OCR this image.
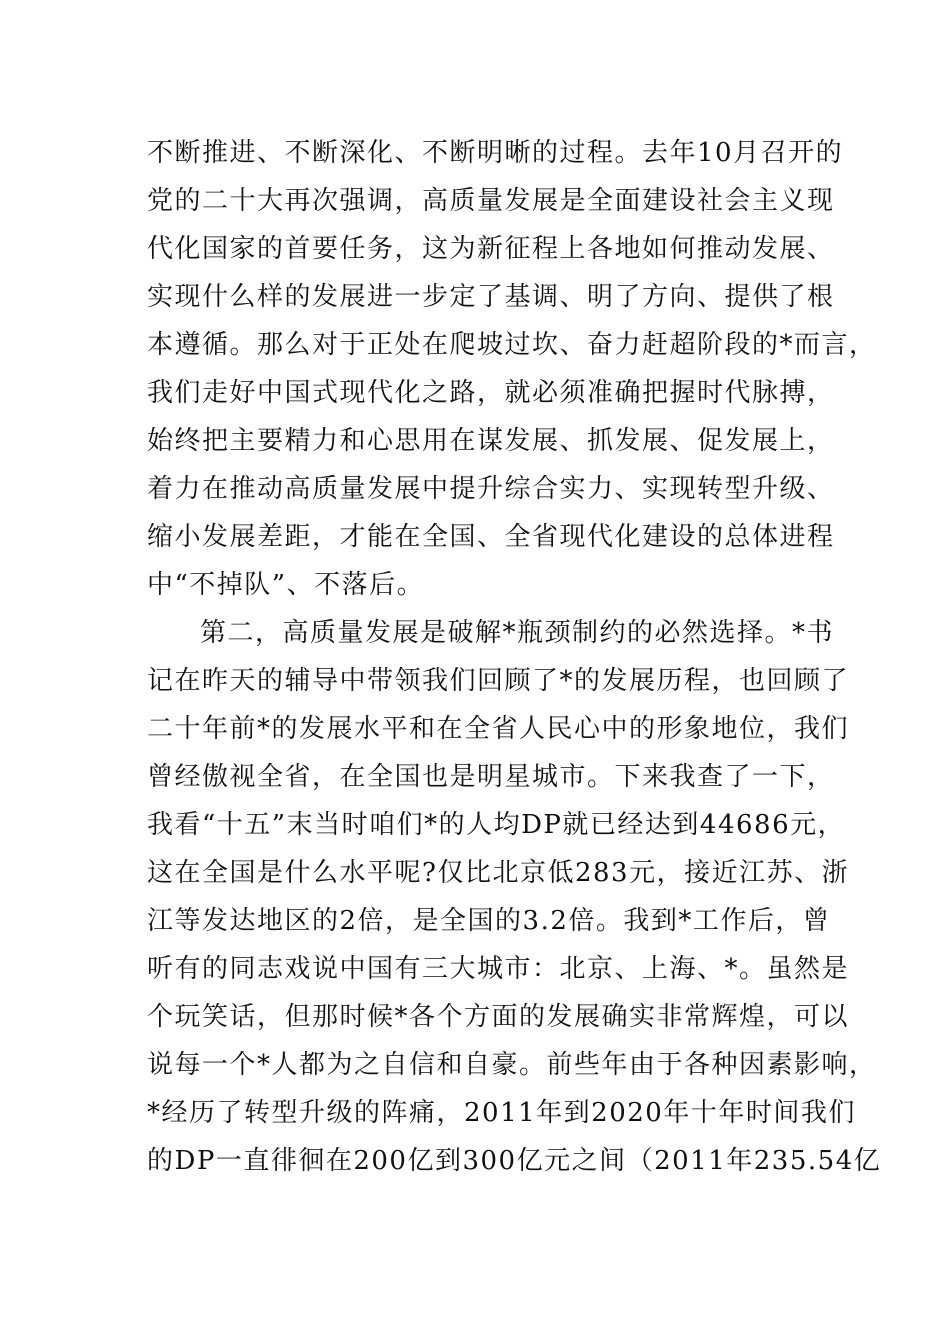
不断推进、不断深化、不断明晰的过程。去年10月召开的
党的二十大再次强调，高质量发展是全面建设社会主义现
代化国家的首要任务，这为新征程上各地如何推动发展、
实现什么样的发展进一步定了基调、明了方向、提供了根
本遵循。那么对于正处在爬坡过坎、奋力赶超阶段的*而言，
我们走好中国式现代化之路，就必须准确把握时代脉搏，
始终把主要精力和心思用在谋发展、抓发展、促发展上，
着力在推动高质量发展中提升综合实力、实现转型升级、
缩小发展差距，才能在全国、全省现代化建设的总体进程
中“不掉队”、不落后。
第二，高质量发展是破解*瓶颈制约的必然选择。*书
记在昨天的辅导中带领我们回顾了*的发展历程，也回顾了
二十年前*的发展水平和在全省人民心中的形象地位，我们
曾经傲视全省，在全国也是明星城市。下来我查了一下，
我看“十五”末当时咱们*的人均DP就已经达到44686元，
这在全国是什么水平呢?仅比北京低283元，接近江苏、浙
江等发达地区的2倍，是全国的3.2倍。我到*工作后，曾
听有的同志戏说中国有三大城市：北京、上海、*。虽然是
个玩笑话，但那时候*各个方面的发展确实非常辉煌，可以
说每一个*人都为之自信和自豪。前些年由于各种因素影响，
*经历了转型升级的阵痛，2011年到2020年十年时间我们
的DP一直徘徊在200亿到300亿元之间（2011年235.54亿
